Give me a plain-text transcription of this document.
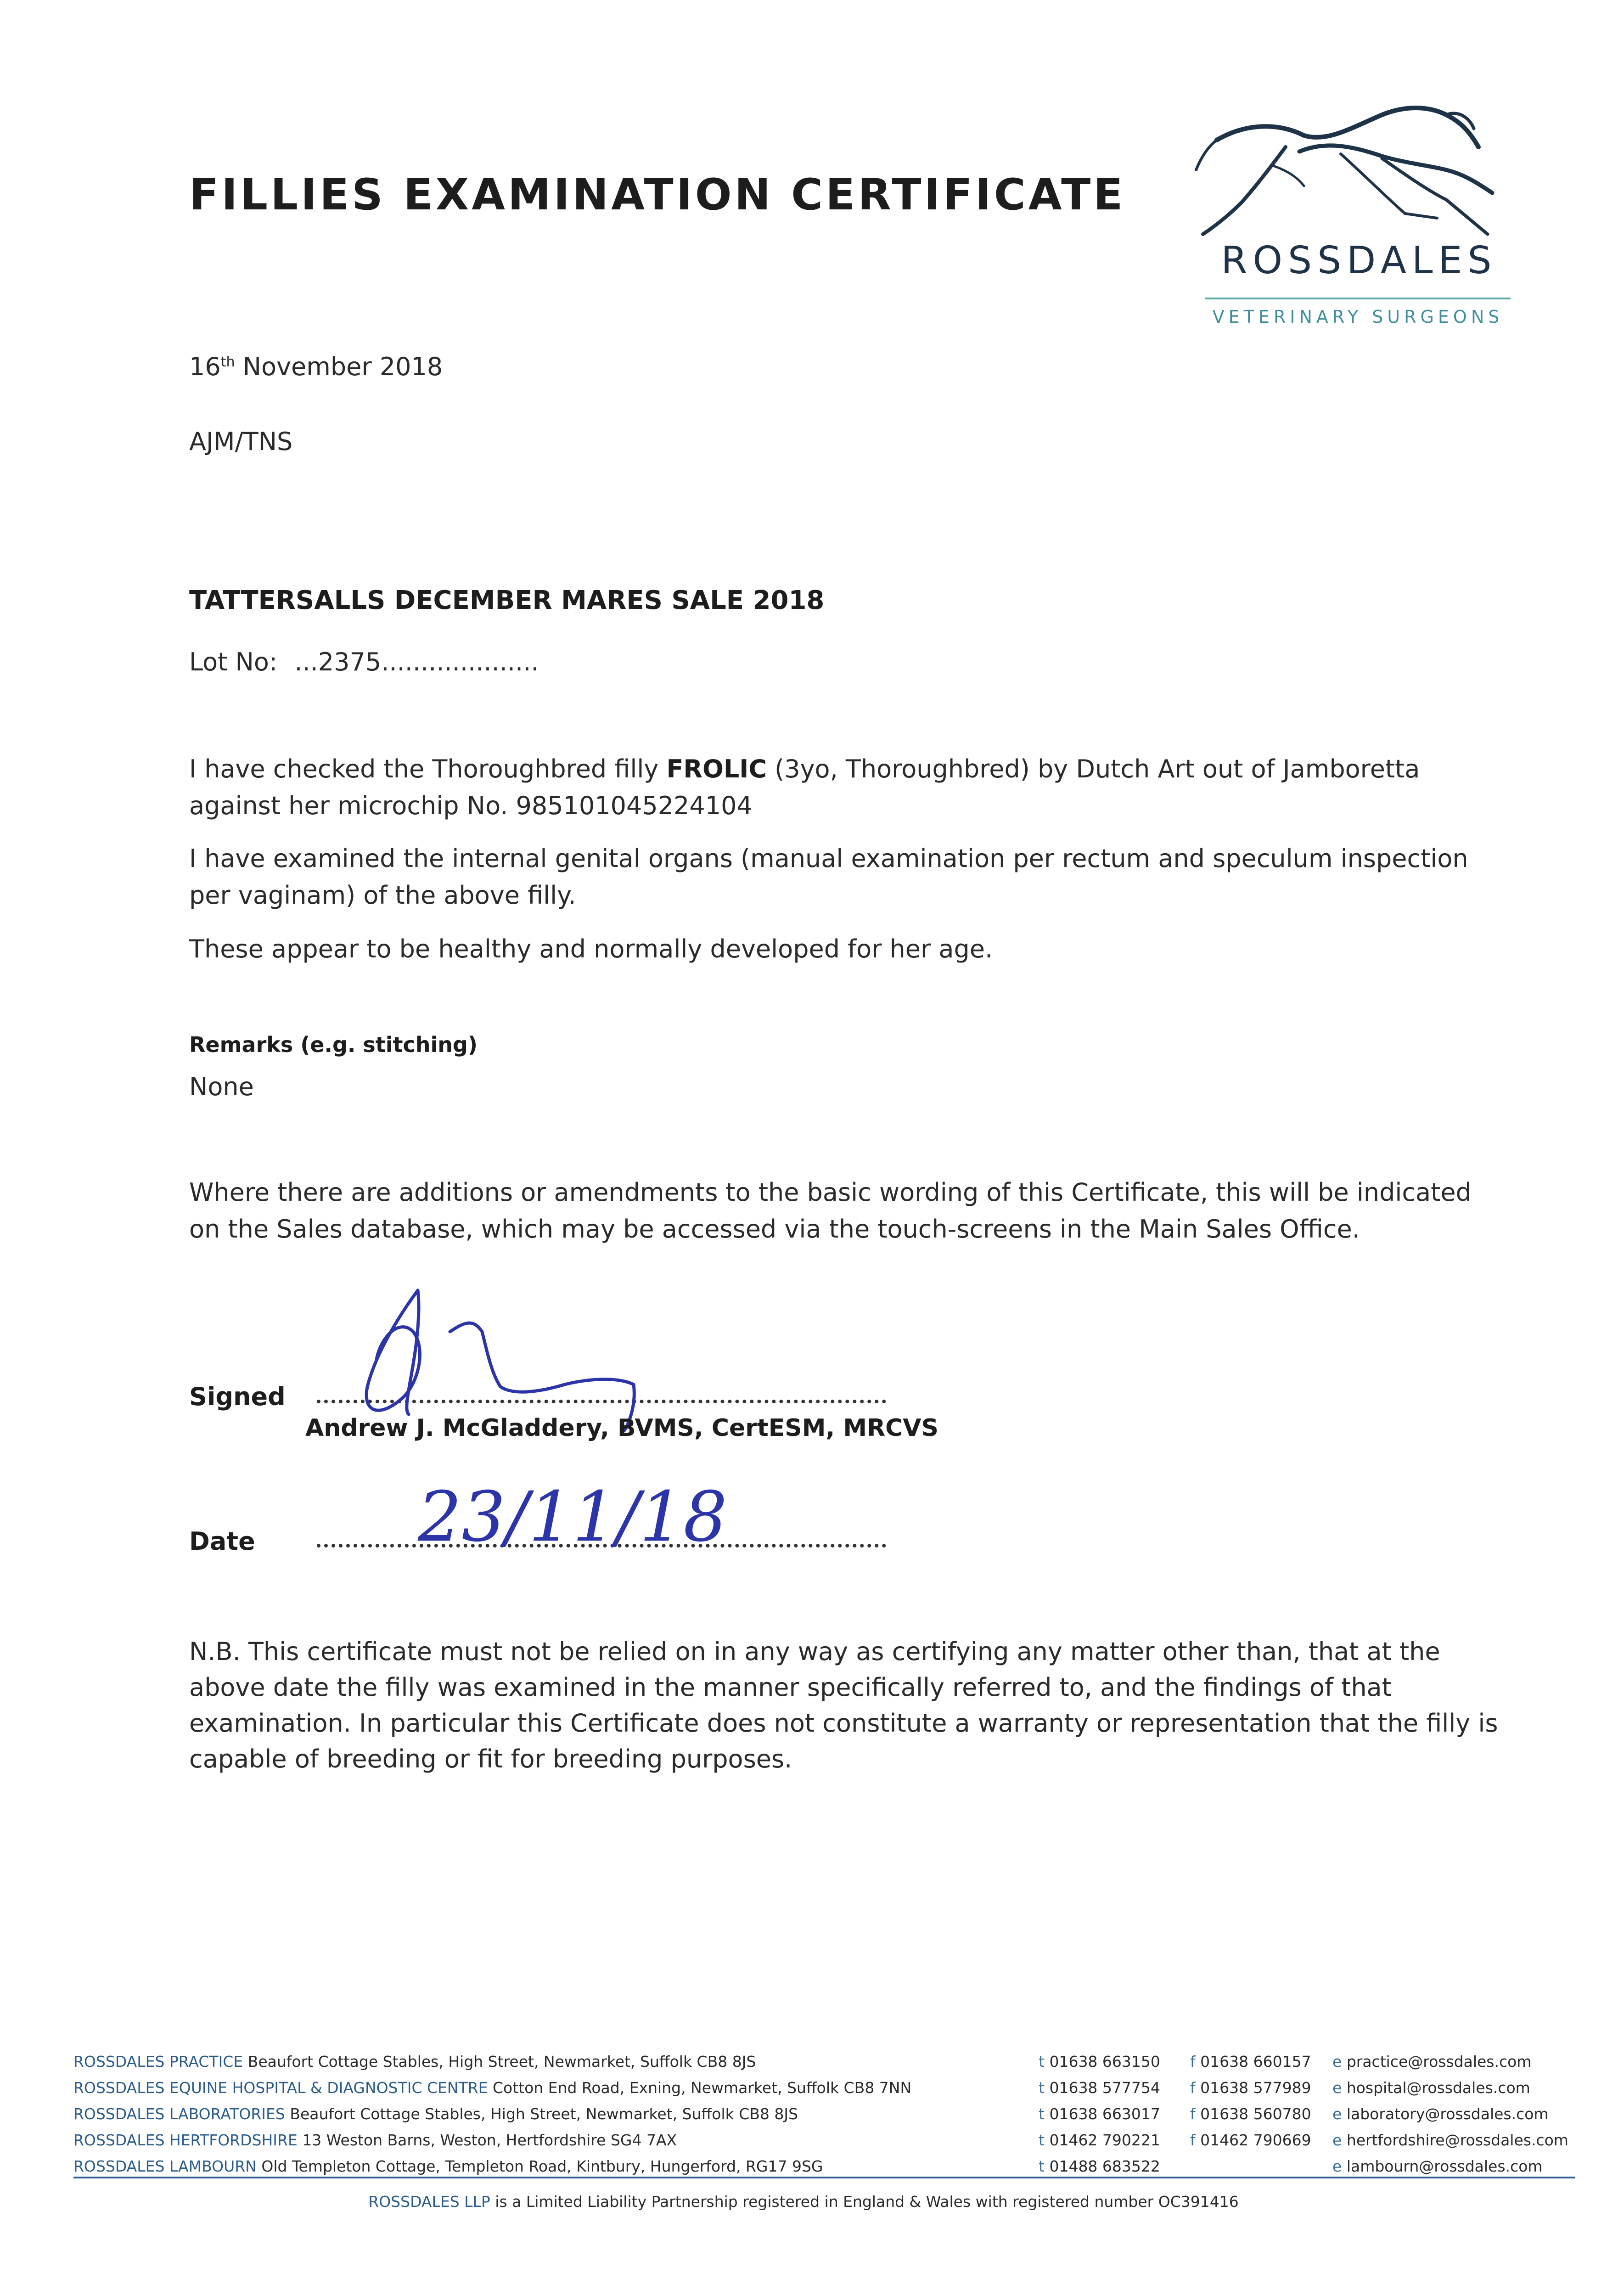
FILLIES EXAMINATION CERTIFICATE
ROSSDALES
VETERINARY SURGEONS
16th November 2018
AJM/TNS
TATTERSALLS DECEMBER MARES SALE 2018
Lot No: ...2375....................
I have checked the Thoroughbred filly FROLIC (3yo, Thoroughbred) by Dutch Art out of Jamboretta
against her microchip No. 985101045224104
I have examined the internal genital organs (manual examination per rectum and speculum inspection
per vaginam) of the above filly.
These appear to be healthy and normally developed for her age.
Remarks (e.g. stitching)
None
Where there are additions or amendments to the basic wording of this Certificate, this will be indicated
on the Sales database, which may be accessed via the touch-screens in the Main Sales Office.
Signed
Andrew J. McGladdery, BVMS, CertESM, MRCVS
Date 23/11/18
N.B. This certificate must not be relied on in any way as certifying any matter other than, that at the
above date the filly was examined in the manner specifically referred to, and the findings of that
examination. In particular this Certificate does not constitute a warranty or representation that the filly is
capable of breeding or fit for breeding purposes.
ROSSDALES PRACTICE Beaufort Cottage Stables, High Street, Newmarket, Suffolk CB8 8JS	t 01638 663150 f 01638 660157 e practice@rossdales.com
ROSSDALES EQUINE HOSPITAL & DIAGNOSTIC CENTRE Cotton End Road, Exning, Newmarket, Suffolk CB8 7NN	t 01638 577754 f 01638 577989 e hospital@rossdales.com
ROSSDALES LABORATORIES Beaufort Cottage Stables, High Street, Newmarket, Suffolk CB8 8JS	t 01638 663017 f 01638 560780 e laboratory@rossdales.com
ROSSDALES HERTFORDSHIRE 13 Weston Barns, Weston, Hertfordshire SG4 7AX	t 01462 790221 f 01462 790669 e hertfordshire@rossdales.com
ROSSDALES LAMBOURN Old Templeton Cottage, Templeton Road, Kintbury, Hungerford, RG17 9SG	t 01488 683522	e lambourn@rossdales.com
ROSSDALES LLP is a Limited Liability Partnership registered in England & Wales with registered number OC391416
